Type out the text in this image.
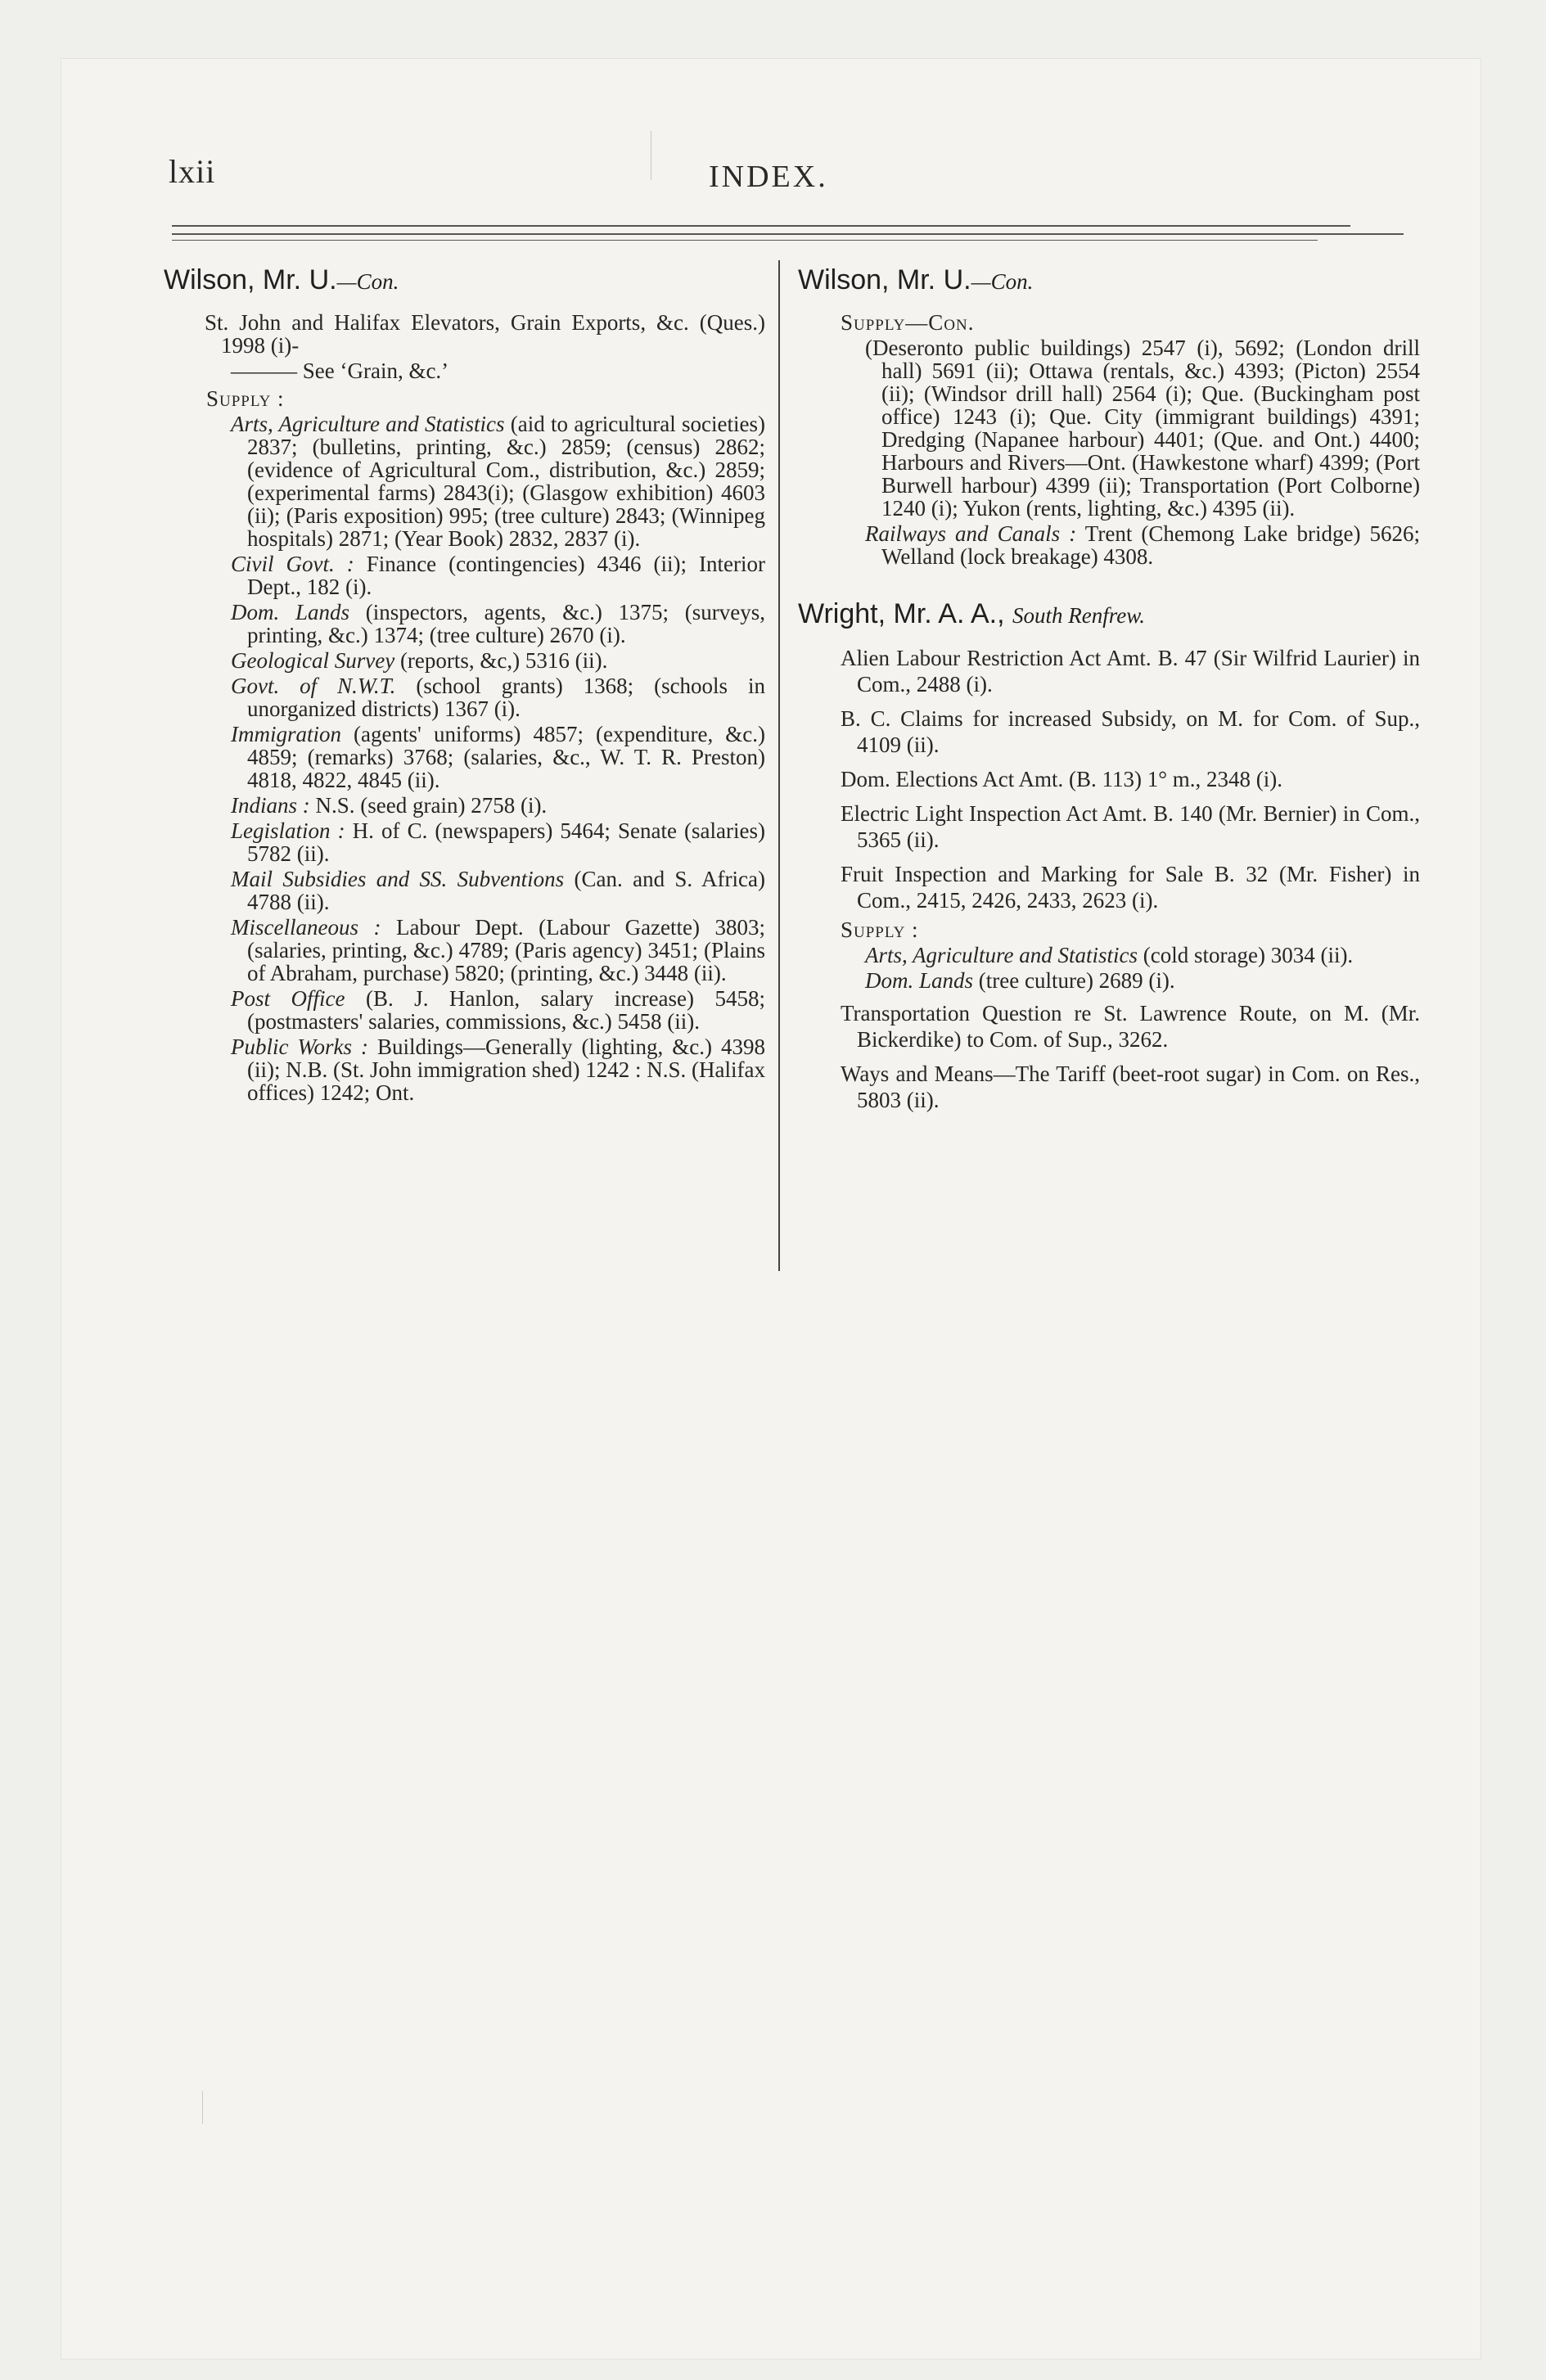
lxii	INDEX.
Wilson, Mr. U.—Con.
St. John and Halifax Elevators, Grain Exports, &c. (Ques.) 1998 (i)-
——— See ‘Grain, &c.’
Supply :
Arts, Agriculture and Statistics (aid to agricultural societies) 2837; (bulletins, printing, &c.) 2859; (census) 2862; (evidence of Agricultural Com., distribution, &c.) 2859; (experimental farms) 2843(i); (Glasgow exhibition) 4603 (ii); (Paris exposition) 995; (tree culture) 2843; (Winnipeg hospitals) 2871; (Year Book) 2832, 2837 (i).
Civil Govt. : Finance (contingencies) 4346 (ii); Interior Dept., 182 (i).
Dom. Lands (inspectors, agents, &c.) 1375; (surveys, printing, &c.) 1374; (tree culture) 2670 (i).
Geological Survey (reports, &c,) 5316 (ii).
Govt. of N.W.T. (school grants) 1368; (schools in unorganized districts) 1367 (i).
Immigration (agents' uniforms) 4857; (expenditure, &c.) 4859; (remarks) 3768; (salaries, &c., W. T. R. Preston) 4818, 4822, 4845 (ii).
Indians : N.S. (seed grain) 2758 (i).
Legislation : H. of C. (newspapers) 5464; Senate (salaries) 5782 (ii).
Mail Subsidies and SS. Subventions (Can. and S. Africa) 4788 (ii).
Miscellaneous : Labour Dept. (Labour Gazette) 3803; (salaries, printing, &c.) 4789; (Paris agency) 3451; (Plains of Abraham, purchase) 5820; (printing, &c.) 3448 (ii).
Post Office (B. J. Hanlon, salary increase) 5458; (postmasters' salaries, commissions, &c.) 5458 (ii).
Public Works : Buildings—Generally (lighting, &c.) 4398 (ii); N.B. (St. John immigration shed) 1242 : N.S. (Halifax offices) 1242; Ont.
Wilson, Mr. U.—Con.
Supply—Con.
(Deseronto public buildings) 2547 (i), 5692; (London drill hall) 5691 (ii); Ottawa (rentals, &c.) 4393; (Picton) 2554 (ii); (Windsor drill hall) 2564 (i); Que. (Buckingham post office) 1243 (i); Que. City (immigrant buildings) 4391; Dredging (Napanee harbour) 4401; (Que. and Ont.) 4400; Harbours and Rivers—Ont. (Hawkestone wharf) 4399; (Port Burwell harbour) 4399 (ii); Transportation (Port Colborne) 1240 (i); Yukon (rents, lighting, &c.) 4395 (ii).
Railways and Canals : Trent (Chemong Lake bridge) 5626; Welland (lock breakage) 4308.
Wright, Mr. A. A., South Renfrew.
Alien Labour Restriction Act Amt. B. 47 (Sir Wilfrid Laurier) in Com., 2488 (i).
B. C. Claims for increased Subsidy, on M. for Com. of Sup., 4109 (ii).
Dom. Elections Act Amt. (B. 113) 1° m., 2348 (i).
Electric Light Inspection Act Amt. B. 140 (Mr. Bernier) in Com., 5365 (ii).
Fruit Inspection and Marking for Sale B. 32 (Mr. Fisher) in Com., 2415, 2426, 2433, 2623 (i).
Supply :
Arts, Agriculture and Statistics (cold storage) 3034 (ii).
Dom. Lands (tree culture) 2689 (i).
Transportation Question re St. Lawrence Route, on M. (Mr. Bickerdike) to Com. of Sup., 3262.
Ways and Means—The Tariff (beet-root sugar) in Com. on Res., 5803 (ii).
